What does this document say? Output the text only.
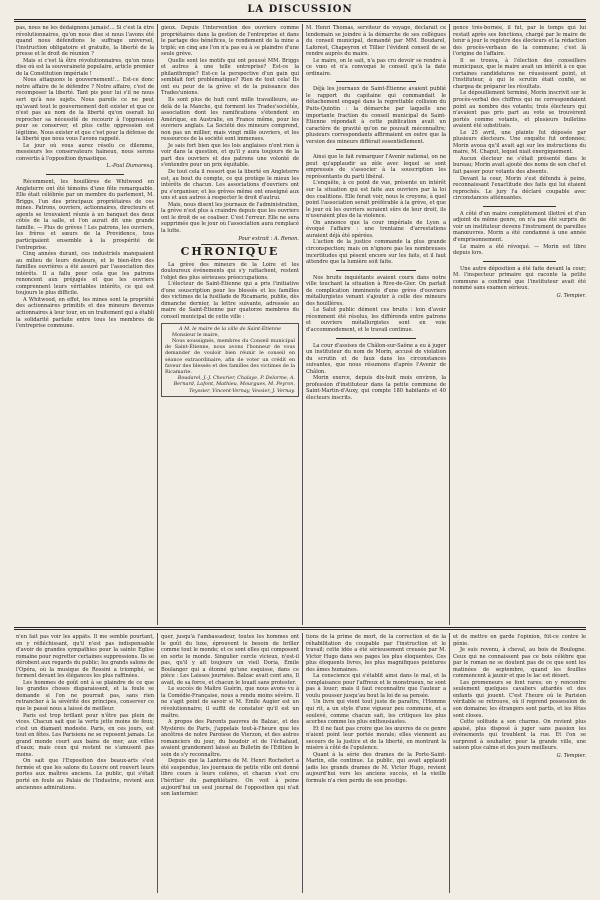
LA DISCUSSION

pas, nous ne les dédaignons jamais!... Si c'est là être révolutionnaires, qu'on nous dise si nous l'avons été quand nous défendions le suffrage universel, l'instruction obligatoire et gratuite, la liberté de la presse et le droit de réunion ?

Mais si c'est là être révolutionnaires, qu'on nous dise où est la souveraineté populaire, article premier de la Constitution impériale !

Nous attaquons le gouvernement!... Est-ce donc notre affaire de le défendre ? Notre affaire, c'est de recomposer la liberté. Tant pis pour lui s'il ne nous sert qu'à nos sujets. Nous pareils ce ne peut qu'avant tout le gouvernement doit exister et que ce n'est pas au nom de la liberté qu'on oserait lui reprocher sa nécessité de recourir à l'oppression pour se conserver, et plus cette oppression est légitime. Nous exister et que c'est pour la défense de la liberté que nous vous l'avons rappelé.

Le jour où vous aurez résolu ce dilemme, messieurs les conservateurs haineux, nous serons convertis à l'opposition dynastique.

L.-Paul Dumaresq.

Récemment, les houillères de Whitwood en Angleterre ont été témoins d'une fête remarquable. Elle était célébrée par un membre du parlement, M. Briggs, l'un des principaux propriétaires de ces mines. Patrons, ouvriers, actionnaires, directeurs et agents se trouvaient réunis à un banquet des deux côtés de la salle, et l'on aurait dit une grande famille. — Plus de grèves ! Les patrons, les ouvriers, les frères et sœurs de la Providence, tous participaient ensemble à la prospérité de l'entreprise.

Cinq années durant, ces industriels manquaient au milieu de leurs douleurs, et le bien-être des familles ouvrières a été assuré par l'association des intérêts. Il a fallu pour cela que les patrons renoncent aux préjugés et que les ouvriers comprennent leurs véritables intérêts, ce qui est toujours le plus difficile.

A Whitwood, en effet, les mines sont la propriété des actionnaires primitifs et des mineurs devenus actionnaires à leur tour, en un traitement qui a établi la solidarité parfaite entre tous les membres de l'entreprise commune.

gieux. Depuis l'intervention des ouvriers comme propriétaires dans la gestion de l'entreprise et dans le partage des bénéfices, le rendement de la mine a triplé; en cinq ans l'on n'a pas eu à se plaindre d'une seule grève.

Quelle sont les motifs qui ont poussé MM. Briggs et autres à une telle entreprise? Est-ce la philanthropie? Est-ce la perspective d'un gain qui semblait fort problématique? Rien de tout cela! Ils ont eu peur de la grève et de la puissance des Trades'unions.

Ils sont plus de huit cent mille travailleurs, au-delà de la Manche, qui forment les Trades'sociétés, association dont les ramifications s'étendent en Amérique, en Australie, en France même, pour les ouvriers anglais. La Société des mineurs comprend, non pas un millier, mais vingt mille ouvriers, et les ressources de la société sont immenses.

Je sais fort bien que les lois anglaises n'ont rien à voir dans la question, et qu'il y aura toujours de la part des ouvriers et des patrons une volonté de s'entendre pour un prix équitable.

De tout cela il ressort que la liberté en Angleterre est, au bout du compte, ce qui protège le mieux les intérêts de chacun. Les associations d'ouvriers ont pu s'organiser, et les grèves même ont enseigné aux uns et aux autres à respecter le droit d'autrui.

Mais, nous disent les journaux de l'administration, la grève n'est plus à craindre depuis que les ouvriers ont le droit de se coaliser. C'est l'erreur. Elle ne sera supprimée que le jour où l'association aura remplacé la lutte.

Pour extrait : A. Renon.
CHRONIQUE

La grève des mineurs de la Loire et les douloureux événements qui s'y rattachent, restent l'objet des plus sérieuses préoccupations.

L'électeur de Saint-Étienne qui a pris l'initiative d'une souscription pour les blessés et les familles des victimes de la fusillade de Ricamarie, publie, dès dimanche dernier, la lettre suivante, adressée au maire de Saint-Étienne par quatorze membres du conseil municipal de cette ville :

A M. le maire de la ville de Saint-Étienne
Monsieur le maire,
Nous soussignés, membres du Conseil municipal de Saint-Étienne, nous avons l'honneur de vous demander de vouloir bien réunir le conseil en séance extraordinaire, afin de voter un crédit en faveur des blessés et des familles des victimes de la Ricamarie.
Boudarel, J.-J. Chevrier, Chalaye, P. Delorme, A. Bernard, Lafont, Mathieu, Mourgues, M. Peyron, Teyssier, Vincent-Vernay, Vessier, J. Vernay.

M. Henri Thomas, serviteur de voyage, déclarait ce lendemain se joindre à la démarche de ses collègues du conseil municipal, demandé par MM. Boudarel, Laforest, Chapeyron et Tillier l'évident conseil de se rendre auprès du maire.

Le maire, on le sait, n'a pas cru devoir se rendre à ce vœu et n'a convoqué le conseil qu'à la date ordinaire.

Déjà les journaux de Saint-Étienne avaient publié le rapport du capitaine qui commandait le détachement engagé dans la regrettable collision du Puits-Quintin : la démarche par laquelle une importante fraction du conseil municipal de Saint-Étienne répondait à cette publication avait un caractère de gravité qu'on ne pouvait méconnaître; plusieurs correspondants affirmaient en outre que la version des mineurs différait essentiellement.

Ainsi que le fait remarquer l'Avenir national, on ne peut qu'applaudir au zèle avec lequel se sont empressés de s'associer à la souscription les représentants du parti libéral.

L'enquête, à ce point de vue, présente un intérêt sur la situation qui est faite aux ouvriers par la loi des coalitions. Elle ferait voir, nous le croyons, à quel point l'association serait préférable à la grève, et que le jour où les ouvriers seraient sûrs de leur droit, ils n'useraient plus de la violence.

On annonce que la cour impériale de Lyon a évoqué l'affaire : une trentaine d'arrestations auraient déjà été opérées.

L'action de la justice commande la plus grande circonspection; mais on n'ignore pas les nombreuses incertitudes qui pèsent encore sur les faits, et il faut attendre que la lumière soit faite.

Nos bruits inquiétants avaient couru dans notre ville touchant la situation à Rive-de-Gier. On parlait de complication imminente d'une grève d'ouvriers métallurgistes venant s'ajouter à celle des mineurs des houillères.

Le Salut public dément ces bruits : loin d'avoir récemment été résolus, les différends entre patrons et ouvriers métallurgistes sont en voie d'accommodement, et le travail continue.

La cour d'assises de Châlon-sur-Saône a eu à juger un instituteur du nom de Morin, accusé de violation du scrutin et de faux dans les circonstances suivantes, que nous résumons d'après l'Avenir de Châlon.

Morin exerce, depuis dix-huit mois environ, la profession d'instituteur dans la petite commune de Saint-Martin-d'Auxy, qui compte 180 habitants et 40 électeurs inscrits.

gence très-bornée, il fut, par le temps qui lui restait après ses fonctions, chargé par le maire de tenir à jour le registre des électeurs et la rédaction des procès-verbaux de la commune; c'est là l'origine de l'affaire.

Il se trouva, à l'élection des conseillers municipaux, que le maire avait un intérêt à ce que certaines candidatures ne réussissent point, et l'instituteur, à qui le scrutin était confié, se chargea de préparer les résultats.

Le dépouillement terminé, Morin inscrivit sur le procès-verbal des chiffres qui ne correspondaient point au nombre des votants; trois électeurs qui n'avaient pas pris part au vote se trouvèrent portés comme votants, et plusieurs bulletins avaient été substitués.

Le 25 avril, une plainte fut déposée par plusieurs électeurs. Une enquête fut ordonnée; Morin avoua qu'il avait agi sur les instructions du maire, M. Chaput, lequel niait énergiquement.

Aucun électeur ne s'était présenté dans le bureau; Morin avait ajouté des noms de son chef et fait passer pour votants des absents.

Devant la cour, Morin s'est défendu à peine, reconnaissant l'exactitude des faits qui lui étaient reprochés. Le jury l'a déclaré coupable avec circonstances atténuantes.

A côté d'un maire complètement illettré et d'un adjoint du même genre, on n'a pas été surpris de voir un instituteur devenu l'instrument de pareilles manœuvres. Morin a été condamné à une année d'emprisonnement.

Le maire a été révoqué. — Morin est libre depuis lors.

Une autre déposition a été faite devant la cour; M. l'inspecteur primaire qui raconte la petite commune a confirmé que l'instituteur avait été nommé sans examen sérieux.

G. Tempier.

n'en fait pas voir les appâts. Il me semble pourtant, en y réfléchissant, qu'il n'est pas indispensable d'avoir de grandes sympathies pour la sainte Eglise romaine pour regretter certaines suppressions. Ils se dérobent aux regards du public; les grands salons de l'Opéra, où la musique de Rossini a triomphé, se ferment devant les élégances les plus raffinées.

Les hommes de goût ont à se plaindre de ce que les grandes choses disparaissent, et la foule se demande si l'on ne pourrait pas, sans rien retrancher à la sévérité des principes, conserver ce que le passé nous a laissé de meilleur.

Paris est trop brillant pour n'être pas plein de vices. Chacun sait que la vertu jette moins de feux; c'est un diamant modeste. Paris, en ces jours, est tout en fêtes. Les Parisiens ne se reposent jamais. Le grand monde court aux bains de mer, aux villes d'eaux; mais ceux qui restent ne s'amusent pas moins.

On sait que l'Exposition des beaux-arts s'est fermée et que les salons du Louvre ont rouvert leurs portes aux maîtres anciens. Le public, qui s'était porté en foule au Palais de l'Industrie, revient aux anciennes admirations.

quer, jusqu'à l'ambassadeur, toutes les hommes ont le goût du luxe, éprouvent le besoin de briller comme tout le monde; et ce sont elles qui composent en sorte le monde. Singulier cercle vicieux, n'est-il pas, qu'il y ait toujours un vieil Doria, Émile Boulanger qui a étonné qu'une esquisse, dans ce pièce : Les Laisses journées. Balzac avait cent ans, Il avait, de sa force, et chacun le louait sans protester.

Le succès de Maître Guérin, que nous avons vu à la Comédie-Française, nous a rendu moins sévère. Il ne s'agit point de savoir si M. Émile Augier est un révolutionnaire; il suffit de constater qu'il est un maître.

A propos des Parents pauvres de Balzac, et des Mystères de Paris, j'appelais tout-à-l'heure que les ancêtres de notre Paroisse de Vierzon, et des autres romanciers du jour, du boudoir et de l'échafaud, avaient grandement laissé au Bulletin de l'Edition le soin de s'y reconnaître.

Depuis que la Lanterne de M. Henri Rochefort a été suspendue, les journaux de petite ville ont donné libre cours à leurs colères, et chacun s'est cru l'héritier du pamphlétaire. On voit à peine aujourd'hui un seul journal de l'opposition qui n'ait son lanternier.

tions de la prime de mort, de la correction et de la réhabilitation du coupable par l'instruction et le travail; cette idée a été sérieusement creusée par M. Victor Hugo dans ses pages les plus éloquentes. Ces plus éloquents livres, les plus magnifiques peintures des âmes humaines.

La conscience qui s'établit ainsi dans le mal, et la complaisance pour l'affreux et le monstrueux, ne sont pas à louer; mais il faut reconnaître que l'auteur a voulu pousser jusqu'au bout la loi de sa pensée.

Un livre qui vient tout juste de paraître, l'Homme qui rit, a un style d'une vigueur peu commune, et a soulevé, comme chacun sait, les critiques les plus acerbes comme les plus enthousiastes.

Et il ne faut pas croire que les œuvres de ce genre n'aient point leur portée morale; elles viennent au secours de la justice et de la liberté, en montrant la misère à côté de l'opulence.

Quant à la série des drames de la Porte-Saint-Martin, elle continue. Le public, qui avait applaudi jadis les grands drames de M. Victor Hugo, revient aujourd'hui vers les anciens succès, et la vieille formule n'a rien perdu de son prestige.

et de mettre en garde l'opinion, fût-ce contre le génie.

Je suis revenu, à cheval, au bois de Boulogne. Ceux qui ne connaissent pas ce bois célèbre que par le roman ne se doutent pas de ce que sont les matinées de septembre, quand les feuilles commencent à jaunir et que le lac est désert.

Les promeneurs se font rares; on y rencontre seulement quelques cavaliers attardés et des enfants qui jouent. C'est l'heure où le Parisien véritable se retrouve, où il reprend possession de son domaine; les étrangers sont partis, et les fêtes sont closes.

Cette solitude a son charme. On revient plus apaisé, plus disposé à juger sans passion les événements qui troublent la rue. Et l'on se surprend à souhaiter, pour la grande ville, une saison plus calme et des jours meilleurs.

G. Tempier.
